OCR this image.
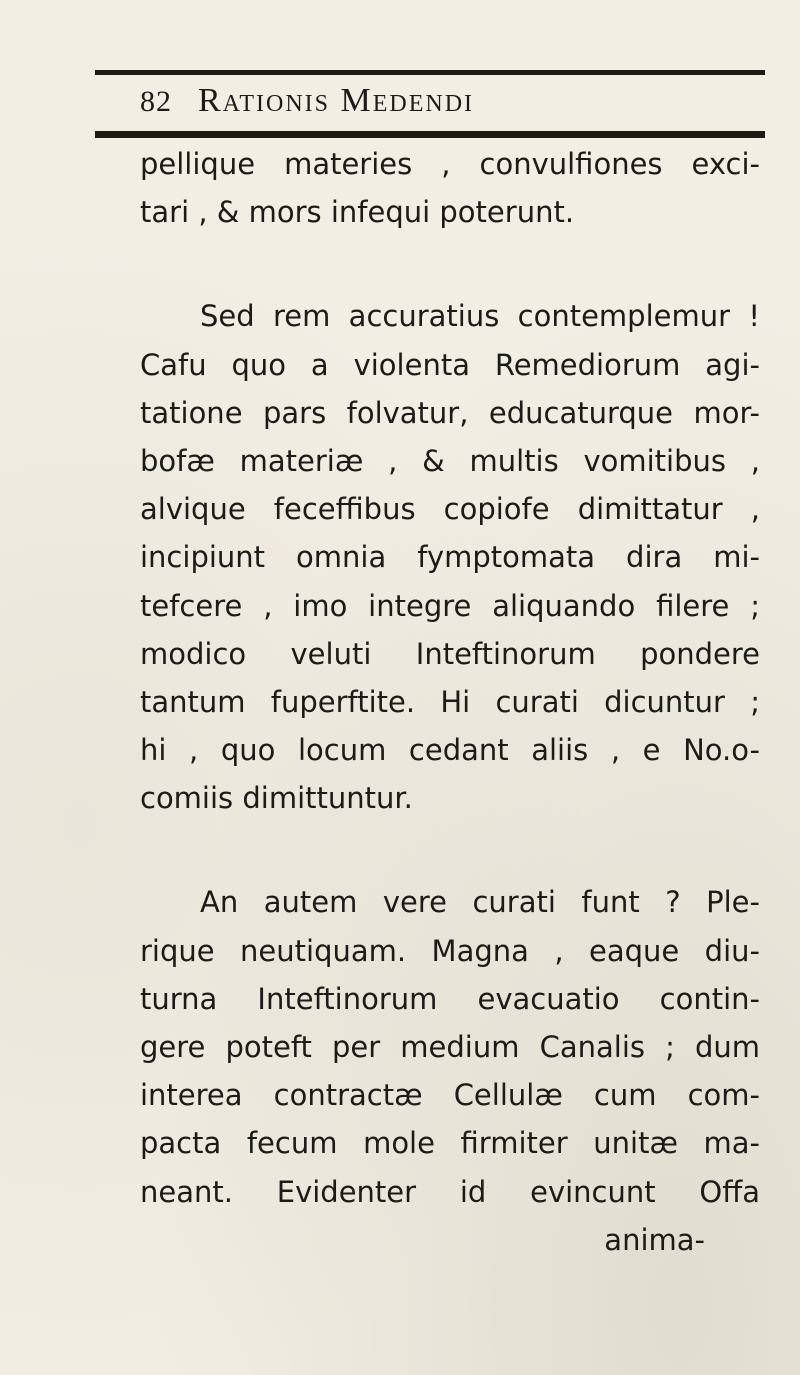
82 Rationis Medendi
pellique materies , convulfiones exci-
tari , & mors infequi poterunt.
Sed rem accuratius contemplemur !
Cafu quo a violenta Remediorum agi-
tatione pars folvatur, educaturque mor-
bofæ materiæ , & multis vomitibus ,
alvique feceffibus copiofe dimittatur ,
incipiunt omnia fymptomata dira mi-
tefcere , imo integre aliquando filere ;
modico veluti Inteftinorum pondere
tantum fuperftite. Hi curati dicuntur ;
hi , quo locum cedant aliis , e No.o-
comiis dimittuntur.
An autem vere curati funt ? Ple-
rique neutiquam. Magna , eaque diu-
turna Inteftinorum evacuatio contin-
gere poteft per medium Canalis ; dum
interea contractæ Cellulæ cum com-
pacta fecum mole firmiter unitæ ma-
neant. Evidenter id evincunt Offa
anima-
